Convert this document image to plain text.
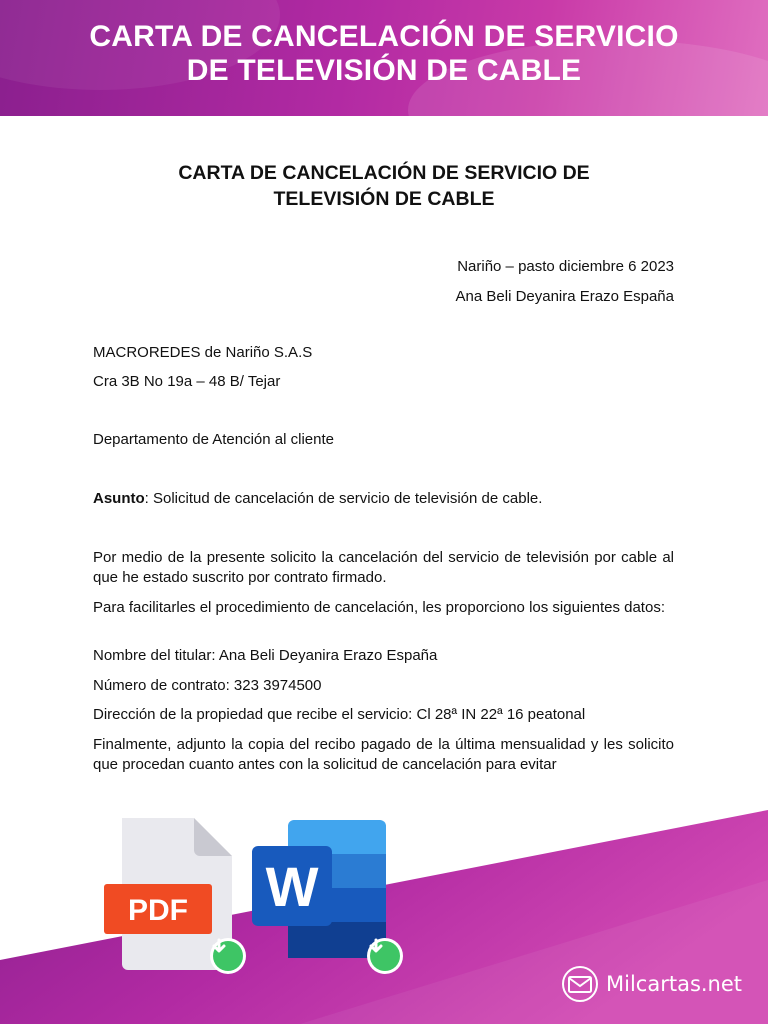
CARTA DE CANCELACIÓN DE SERVICIO
DE TELEVISIÓN DE CABLE
CARTA DE CANCELACIÓN DE SERVICIO DE
TELEVISIÓN DE CABLE
Nariño – pasto diciembre 6 2023
Ana Beli Deyanira Erazo España
MACROREDES de Nariño S.A.S
Cra 3B No 19a – 48 B/ Tejar
Departamento de Atención al cliente
Asunto: Solicitud de cancelación de servicio de televisión de cable.
Por medio de la presente solicito la cancelación del servicio de televisión por cable al que he estado suscrito por contrato firmado.
Para facilitarles el procedimiento de cancelación, les proporciono los siguientes datos:
Nombre del titular: Ana Beli Deyanira Erazo España
Número de contrato: 323 3974500
Dirección de la propiedad que recibe el servicio: Cl 28ª IN 22ª 16 peatonal
Finalmente, adjunto la copia del recibo pagado de la última mensualidad y les solicito que procedan cuanto antes con la solicitud de cancelación para evitar
PDF W
Milcartas.net
